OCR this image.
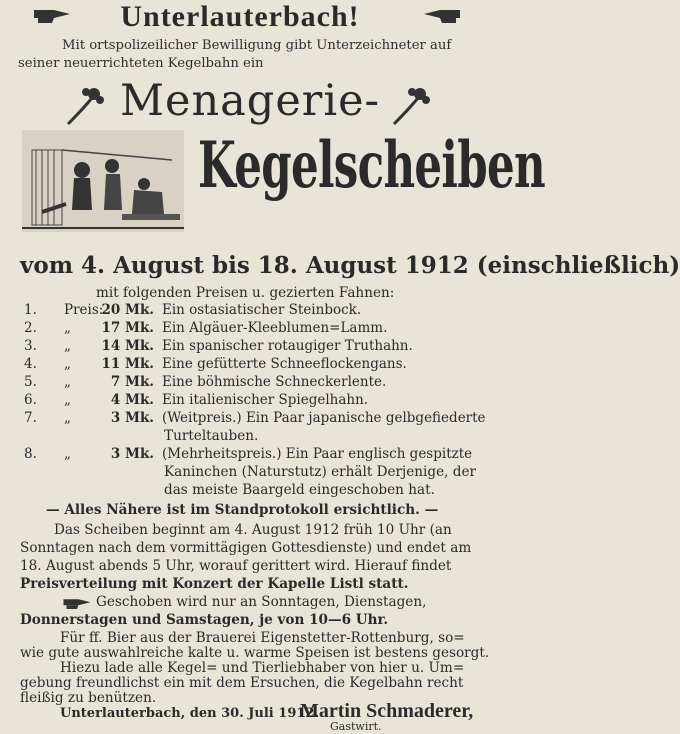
Unterlauterbach!
Mit ortspolizeilicher Bewilligung gibt Unterzeichneter auf
seiner neuerrichteten Kegelbahn ein
Menagerie-
Kegelscheiben
vom 4. August bis 18. August 1912 (einschließlich)
mit folgenden Preisen u. gezierten Fahnen:
1. Preis:20 Mk. Ein ostasiatischer Steinbock.
2. „ 17 Mk. Ein Algäuer-Kleeblumen=Lamm.
3. „ 14 Mk. Ein spanischer rotaugiger Truthahn.
4. „ 11 Mk. Eine gefütterte Schneeflockengans.
5. „	7 Mk. Eine böhmische Schneckerlente.
6. „	4 Mk. Ein italienischer Spiegelhahn.
7. „	3 Mk. (Weitpreis.) Ein Paar japanische gelbgefiederte
Turteltauben.
8. „	3 Mk. (Mehrheitspreis.) Ein Paar englisch gespitzte
Kaninchen (Naturstutz) erhält Derjenige, der
das meiste Baargeld eingeschoben hat.
— Alles Nähere ist im Standprotokoll ersichtlich. —
Das Scheiben beginnt am 4. August 1912 früh 10 Uhr (an
Sonntagen nach dem vormittägigen Gottesdienste) und endet am
18. August abends 5 Uhr, worauf gerittert wird. Hierauf findet
Preisverteilung mit Konzert der Kapelle Listl statt.
Geschoben wird nur an Sonntagen, Dienstagen,
Donnerstagen und Samstagen, je von 10—6 Uhr.
Für ff. Bier aus der Brauerei Eigenstetter-Rottenburg, so=
wie gute auswahlreiche kalte u. warme Speisen ist bestens gesorgt.
Hiezu lade alle Kegel= und Tierliebhaber von hier u. Um=
gebung freundlichst ein mit dem Ersuchen, die Kegelbahn recht
fleißig zu benützen.
Unterlauterbach, den 30. Juli 1912.
Martin Schmaderer,
Gastwirt.
